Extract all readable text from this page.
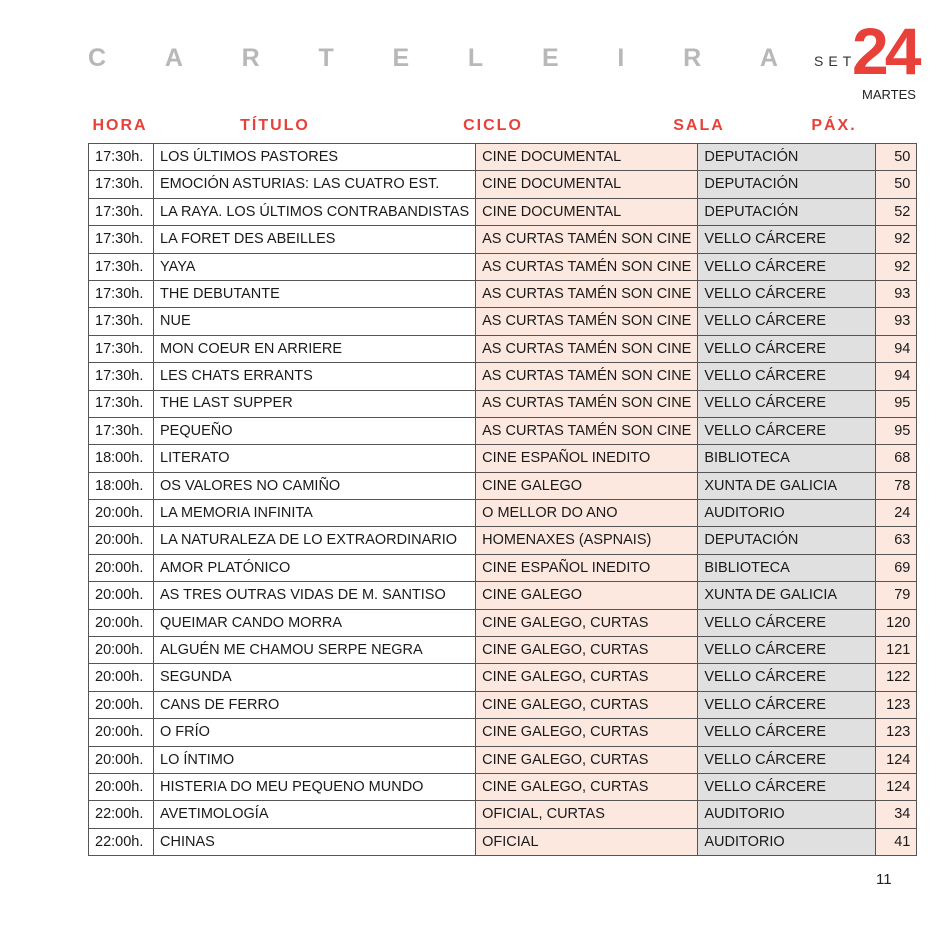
C A R T E L E I R A	SET
24
MARTES
HORA	TÍTULO	CICLO	SALA	PÁX.
17:30h.	LOS ÚLTIMOS PASTORES	CINE DOCUMENTAL	DEPUTACIÓN	50
17:30h.	EMOCIÓN ASTURIAS: LAS CUATRO EST.	CINE DOCUMENTAL	DEPUTACIÓN	50
17:30h.	LA RAYA. LOS ÚLTIMOS CONTRABANDISTAS	CINE DOCUMENTAL	DEPUTACIÓN	52
17:30h.	LA FORET DES ABEILLES	AS CURTAS TAMÉN SON CINE	VELLO CÁRCERE	92
17:30h.	YAYA	AS CURTAS TAMÉN SON CINE	VELLO CÁRCERE	92
17:30h.	THE DEBUTANTE	AS CURTAS TAMÉN SON CINE	VELLO CÁRCERE	93
17:30h.	NUE	AS CURTAS TAMÉN SON CINE	VELLO CÁRCERE	93
17:30h.	MON COEUR EN ARRIERE	AS CURTAS TAMÉN SON CINE	VELLO CÁRCERE	94
17:30h.	LES CHATS ERRANTS	AS CURTAS TAMÉN SON CINE	VELLO CÁRCERE	94
17:30h.	THE LAST SUPPER	AS CURTAS TAMÉN SON CINE	VELLO CÁRCERE	95
17:30h.	PEQUEÑO	AS CURTAS TAMÉN SON CINE	VELLO CÁRCERE	95
18:00h.	LITERATO	CINE ESPAÑOL INEDITO	BIBLIOTECA	68
18:00h.	OS VALORES NO CAMIÑO	CINE GALEGO	XUNTA DE GALICIA	78
20:00h.	LA MEMORIA INFINITA	O MELLOR DO ANO	AUDITORIO	24
20:00h.	LA NATURALEZA DE LO EXTRAORDINARIO	HOMENAXES (ASPNAIS)	DEPUTACIÓN	63
20:00h.	AMOR PLATÓNICO	CINE ESPAÑOL INEDITO	BIBLIOTECA	69
20:00h.	AS TRES OUTRAS VIDAS DE M. SANTISO	CINE GALEGO	XUNTA DE GALICIA	79
20:00h.	QUEIMAR CANDO MORRA	CINE GALEGO, CURTAS	VELLO CÁRCERE	120
20:00h.	ALGUÉN ME CHAMOU SERPE NEGRA	CINE GALEGO, CURTAS	VELLO CÁRCERE	121
20:00h.	SEGUNDA	CINE GALEGO, CURTAS	VELLO CÁRCERE	122
20:00h.	CANS DE FERRO	CINE GALEGO, CURTAS	VELLO CÁRCERE	123
20:00h.	O FRÍO	CINE GALEGO, CURTAS	VELLO CÁRCERE	123
20:00h.	LO ÍNTIMO	CINE GALEGO, CURTAS	VELLO CÁRCERE	124
20:00h.	HISTERIA DO MEU PEQUENO MUNDO	CINE GALEGO, CURTAS	VELLO CÁRCERE	124
22:00h.	AVETIMOLOGÍA	OFICIAL, CURTAS	AUDITORIO	34
22:00h.	CHINAS	OFICIAL	AUDITORIO	41
11
